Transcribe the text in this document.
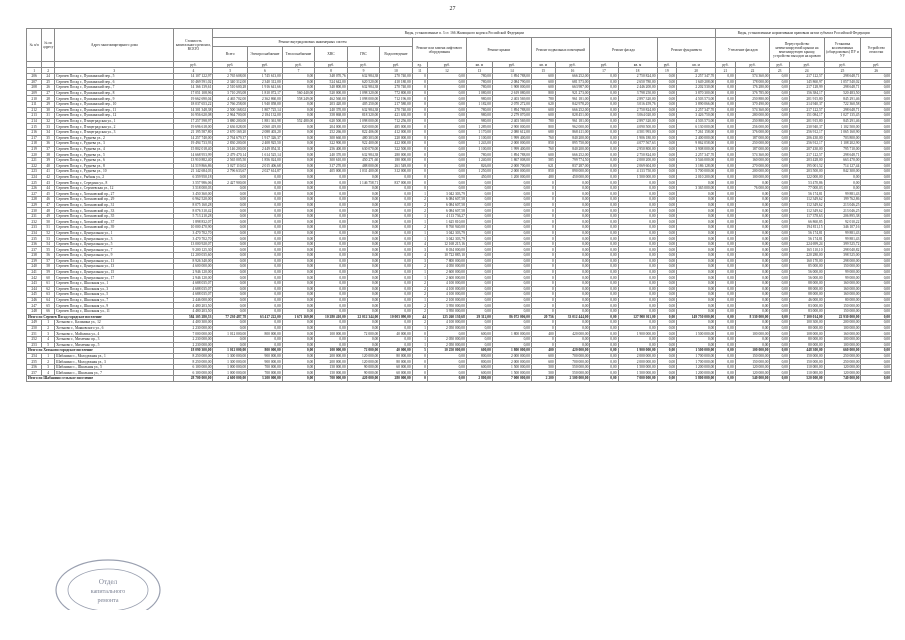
27
№ п/п	№ по адресу	Адрес многоквартирного дома	Стоимость капитального ремонта, ВСЕГО	Виды, установленные п. 3 ст. 166 Жилищного кодекса Российской Федерации																Виды, установленные нормативным правовым актом субъекта Российской Федерации					
				Ремонт внутридомовых инженерных систем						Ремонт или замена лифтового оборудования		Ремонт крыши		Ремонт подвальных помещений		Ремонт фасада		Ремонт фундамента		Утепление фасадов		Переустройство невентилируемой крыши на вентилируемую крышу, устройство выходов на кровлю		Установка коллективных (общедомовых) ПУ и УУ	Устройство отмостки
				Всего	Электроснабжение	Теплоснабжение	ХВС	ГВС	Водоотведение																
			руб.	руб.	руб.	руб.	руб.	руб.	руб.	ед.	руб.	кв. м	руб.	кв. м	руб.	руб.	кв. м	руб.	кв. м	руб.	руб.	руб.	руб.	руб.	руб.
1	2	3	4	5	6	7	8	9	10	11	12	13	14	15	16	17	18	19	20	21	22	23	24	25	26
206	24	Сергиев Посад г., Пушкинский пер., 5	14 107 122,97	2 765 608,00	1 745 613,00	0,00	348 070,76	632 984,38	270 740,00	0	0,00	780,00	1 894 788,00	600	666 252,00	0,00	2 750 824,00	0,00	2 257 347,70	0,00	574 360,00	0,00	217 122,57	298 648,71	0,00
207	25	Сергиев Посад г., Пушкинский пер., 6	10 469 591,02	2 340 312,00	2 340 312,00	0,00	524 642,00	620 520,00	410 180,00	0	0,00	780,00	2 084 790,00	600	681 573,00	0,00	2 650 780,00	0,00	1 649 208,00	0,00	178 000,00	0,00	145 860,97	1 057 540,02	0,00
208	26	Сергиев Посад г., Пушкинский пер., 7	14 166 139,61	2 510 600,28	1 916 641,66	0,00	340 800,00	632 984,38	270 740,00	0	0,00	780,00	1 908 000,00	600	663 987,00	0,00	2 446 200,00	0,00	2 202 530,00	0,00	176 280,00	0,00	217 128,99	298 648,71	0,00
209	27	Сергиев Посад г., Пушкинский пер., 8	17 051 108,96	3 710 293,08	1 810 072,17	560 440,00	520 000,00	1 098 320,00	772 800,00	0	0,00	1 080,00	2 619 080,00	800	921 273,00	0,00	3 798 250,00	0,00	3 870 300,00	0,00	376 785,00	0,00	156 384,17	520 483,50	0,00
210	28	Сергиев Посад г., Пушкинский пер., 9	19 662 690,04	4 465 702,00	2 362 860,00	558 249,00	462 560,00	1 098 000,00	712 196,00	0	0,00	980,00	2 403 569,00	780	961 181,00	0,00	2 897 320,00	0,00	4 503 573,00	0,00	250 880,00	0,00	201 915,80	845 291,46	0,00
211	29	Сергиев Посад г., Пушкинский пер., 10	18 037 653,22	2 766 258,00	1 940 058,00	0,00	203 420,00	405 250,00	217 580,00	0	0,00	1 182,00	2 070 272,00	620	842 978,20	0,00	3 016 459,76	0,00	3 890 066,00	0,00	370 490,00	0,00	214 940,37	722 360,58	0,00
212	30	Сергиев Посад г., Пушкинский пер., 11	14 301 348,38	2 500 168,02	1 807 725,14	0,00	240 370,00	632 984,38	270 740,00	0	0,00	780,00	1 894 788,00	600	666 252,00	0,00	2 750 824,00	0,00	2 257 347,70	0,00	574 360,00	0,00	217 122,57	298 648,71	0,00
213	31	Сергиев Посад г., Пушкинский пер., 12	16 956 620,08	2 964 700,00	2 184 132,00	0,00	358 868,00	818 320,00	421 630,00	0	0,00	980,00	2 279 070,00	600	828 451,00	0,00	3 064 020,00	0,00	3 426 750,00	0,00	280 000,00	0,00	151 084,17	1 027 135,45	0,00
214	32	Сергиев Посад г., Птицеградская ул., 1	17 257 598,97	3 880 200,00	1 881 361,98	552 480,00	620 500,00	1 098 000,00	712 256,00	0	0,00	980,00	2 403 569,00	780	961 181,00	0,00	2 897 320,00	0,00	4 503 573,00	0,00	250 880,00	0,00	201 915,80	845 291,46	0,00
215	33	Сергиев Посад г., Птицеградская ул., 2	19 696 618,00	2 636 028,00	2 060 419,00	0,00	204 000,00	820 000,00	485 000,00	0	0,00	1 289,00	2 900 000,00	800	962 000,00	0,00	4 090 500,00	0,00	6 130 000,00	0,00	256 000,00	0,00	230 940,37	1 102 500,00	0,00
216	34	Сергиев Посад г., Птицеградская ул., 3	21 195 587,80	2 670 169,20	2 088 403,20	0,00	252 266,00	822 406,00	412 000,00	0	0,00	1 170,00	2 080 612,00	680	868 411,00	0,00	4 501 993,00	0,00	7 261 158,00	0,00	376 000,00	0,00	256 912,17	1 065 160,90	0,00
217	35	Сергиев Посад г., Руднева ул., 2	14 257 740,00	2 764 679,37	1 917 326,37	0,00	300 660,00	480 303,00	220 000,00	0	0,00	1 100,00	1 999 400,00	760	840 200,00	0,00	1 906 180,00	0,00	2 400 000,00	0,00	187 000,00	0,00	206 430,00	703 800,00	0,00
218	36	Сергиев Посад г., Руднева ул., 3	19 494 733,93	2 830 200,00	2 408 925,50	0,00	322 900,00	922 400,00	422 000,00	0	0,00	1 243,00	2 000 000,00	850	895 750,00	0,00	4 077 567,63	0,00	9 862 058,00	0,00	250 000,00	0,00	256 912,17	1 108 202,90	0,00
219	37	Сергиев Посад г., Руднева ул., 4	15 802 018,40	3 146 200,00	2 449 054,31	0,00	256 400,00	630 070,00	322 500,00	0	0,00	1 100,00	1 999 400,00	760	840 200,00	0,00	2 950 800,00	0,00	3 908 000,00	0,00	187 000,00	0,00	207 430,00	795 710,00	0,00
220	38	Сергиев Посад г., Руднева ул., 5	14 668 953,99	2 479 470,14	1 614 525,14	0,00	240 370,00	632 984,38	280 000,00	0	0,00	780,00	1 894 788,00	600	666 252,00	0,00	2 750 824,00	0,00	2 257 347,70	0,00	574 360,00	0,00	217 122,57	298 648,71	0,00
221	39	Сергиев Посад г., Руднева ул., 6	13 910 882,40	2 565 005,50	1 856 024,00	0,00	300 610,00	450 271,60	180 000,00	0	0,00	1 240,00	1 867 008,00	585	799 774,50	0,00	2 000 200,00	0,00	3 546 000,00	0,00	160 000,00	0,00	203 428,00	663 470,00	0,00
222	40	Сергиев Посад г., Руднева ул., 8	14 519 866,86	3 027 110,02	2 015 406,68	0,00	317 270,00	488 000,00	261 549,00	0	0,00	826,00	2 000 700,00	621	837 287,00	0,00	2 069 604,00	0,00	3 186 128,00	0,00	270 000,00	0,00	195 001,52	714 127,44	0,00
223	41	Сергиев Посад г., Руднева ул., 10	21 142 684,03	2 796 633,67	2 027 614,87	0,00	405 000,00	1 031 400,00	312 000,00	0	0,00	1 250,00	2 000 000,00	850	890 000,00	0,00	4 133 750,00	0,00	5 700 000,00	0,00	200 000,00	0,00	203 500,00	842 300,00	0,00
224	42	Сергиев Посад г., Рыбная ул., 2	6 359 950,18	0,00	0,00	0,00	0,00	0,00	0,00	0	0,00	450,00	1 200 000,00	480	450 000,00	0,00	1 500 000,00	0,00	2 010 200,00	0,00	100 000,00	0,00	122 000,00	0,00	0,00
225	43	Сергиев Посад г., Середина ул., 8	3 557 986,06	2 427 900,00	0,00	0,00	0,00	1 146 758,71	837 000,00	0	0,00	0,00	0,00	0	0,00	0,00	0,00	0,00	0,00	0,00	0,00	0,00	53 470,86	0,00	0,00
226	44	Сергиев Посад г., Сергиевская ул., 12	3 518 000,03	0,00	0,00	0,00	0,00	0,00	0,00	0	0,00	0,00	0,00	0	0,00	0,00	0,00	0,00	3 365 000,00	0,00	76 000,00	0,00	77 000,03	0,00	0,00
227	45	Сергиев Посад г., Хотьковский пр., 27	3 450 360,00	0,00	0,00	0,00	0,00	0,00	0,00	1	3 042 303,79	0,00	0,00	0	0,00	0,00	0,00	0,00	0,00	0,00	0,00	0,00	56 174,81	99 881,43	0,00
228	46	Сергиев Посад г., Хотьковский пр., 29	6 962 520,00	0,00	0,00	0,00	0,00	0,00	0,00	2	6 084 607,58	0,00	0,00	0	0,00	0,00	0,00	0,00	0,00	0,00	0,00	0,00	112 349,62	199 762,86	0,00
229	47	Сергиев Посад г., Хотьковский пр., 31	8 075 160,28	0,00	0,00	0,00	0,00	0,00	0,00	2	6 084 607,58	0,00	0,00	0	0,00	0,00	0,00	0,00	0,00	0,00	0,00	0,00	112 349,62	213 046,25	0,00
230	48	Сергиев Посад г., Хотьковский пр., 33	8 076 310,42	0,00	0,00	0,00	0,00	0,00	0,00	2	6 084 607,58	0,00	0,00	0	0,00	0,00	0,00	0,00	0,00	0,00	0,00	0,00	112 349,62	213 046,25	0,00
231	49	Сергиев Посад г., Хотьковский пр., 35	5 713 210,28	0,00	0,00	0,00	0,00	0,00	0,00	1	4 113 736,27	0,00	0,00	0	0,00	0,00	0,00	0,00	0,00	0,00	0,00	0,00	117 378,63	206 895,38	0,00
232	50	Сергиев Посад г., Хотьковский пр., 37	1 898 832,07	0,00	0,00	0,00	0,00	0,00	0,00	1	1 625 810,00	0,00	0,00	0	0,00	0,00	0,00	0,00	0,00	0,00	0,00	0,00	66 860,85	92 010,22	0,00
233	51	Сергиев Посад г., Хотьковский пр., 39	10 000 470,90	0,00	0,00	0,00	0,00	0,00	0,00	2	8 760 940,00	0,00	0,00	0	0,00	0,00	0,00	0,00	0,00	0,00	0,00	0,00	194 811,15	346 107,16	0,00
234	52	Сергиев Посад г., Центральная ул., 1	3 470 702,70	0,00	0,00	0,00	0,00	0,00	0,00	1	3 042 303,79	0,00	0,00	0	0,00	0,00	0,00	0,00	0,00	0,00	0,00	0,00	56 174,81	99 881,43	0,00
235	53	Сергиев Посад г., Центральная ул., 3	3 470 702,70	0,00	0,00	0,00	0,00	0,00	0,00	1	3 042 303,79	0,00	0,00	0	0,00	0,00	0,00	0,00	0,00	0,00	0,00	0,00	56 174,81	99 881,43	0,00
236	54	Сергиев Посад г., Центральная ул., 5	13 000 920,07	0,00	0,00	0,00	0,00	0,00	0,00	4	12 168 215,16	0,00	0,00	0	0,00	0,00	0,00	0,00	0,00	0,00	0,00	0,00	224 699,24	399 525,72	0,00
237	55	Сергиев Посад г., Центральная ул., 7	9 200 125,30	0,00	0,00	0,00	0,00	0,00	0,00	3	8 034 000,00	0,00	0,00	0	0,00	0,00	0,00	0,00	0,00	0,00	0,00	0,00	165 110,10	298 040,82	0,00
238	56	Сергиев Посад г., Центральная ул., 9	12 200 035,60	0,00	0,00	0,00	0,00	0,00	0,00	4	10 722 885,10	0,00	0,00	0	0,00	0,00	0,00	0,00	0,00	0,00	0,00	0,00	220 280,00	398 525,00	0,00
239	57	Сергиев Посад г., Центральная ул., 11	8 926 340,00	0,00	0,00	0,00	0,00	0,00	0,00	3	7 800 000,00	0,00	0,00	0	0,00	0,00	0,00	0,00	0,00	0,00	0,00	0,00	160 170,00	298 000,00	0,00
240	58	Сергиев Посад г., Центральная ул., 13	4 600 000,00	0,00	0,00	0,00	0,00	0,00	0,00	2	4 050 000,00	0,00	0,00	0	0,00	0,00	0,00	0,00	0,00	0,00	0,00	0,00	85 000,00	150 000,00	0,00
241	59	Сергиев Посад г., Центральная ул., 15	2 946 120,00	0,00	0,00	0,00	0,00	0,00	0,00	1	2 600 000,00	0,00	0,00	0	0,00	0,00	0,00	0,00	0,00	0,00	0,00	0,00	56 000,00	99 000,00	0,00
242	60	Сергиев Посад г., Центральная ул., 17	2 946 120,00	0,00	0,00	0,00	0,00	0,00	0,00	1	2 600 000,00	0,00	0,00	0	0,00	0,00	0,00	0,00	0,00	0,00	0,00	0,00	56 000,00	99 000,00	0,00
243	61	Сергиев Посад г., Школьная ул., 1	4 688 035,07	0,00	0,00	0,00	0,00	0,00	0,00	2	4 100 000,00	0,00	0,00	0	0,00	0,00	0,00	0,00	0,00	0,00	0,00	0,00	88 000,00	160 000,00	0,00
244	62	Сергиев Посад г., Школьная ул., 3	4 688 035,07	0,00	0,00	0,00	0,00	0,00	0,00	2	4 100 000,00	0,00	0,00	0	0,00	0,00	0,00	0,00	0,00	0,00	0,00	0,00	88 000,00	160 000,00	0,00
245	63	Сергиев Посад г., Школьная ул., 5	4 688 035,07	0,00	0,00	0,00	0,00	0,00	0,00	2	4 100 000,00	0,00	0,00	0	0,00	0,00	0,00	0,00	0,00	0,00	0,00	0,00	88 000,00	160 000,00	0,00
246	64	Сергиев Посад г., Школьная ул., 7	2 446 000,00	0,00	0,00	0,00	0,00	0,00	0,00	1	2 100 000,00	0,00	0,00	0	0,00	0,00	0,00	0,00	0,00	0,00	0,00	0,00	46 000,00	80 000,00	0,00
247	65	Сергиев Посад г., Школьная ул., 9	4 480 203,50	0,00	0,00	0,00	0,00	0,00	0,00	2	3 950 000,00	0,00	0,00	0	0,00	0,00	0,00	0,00	0,00	0,00	0,00	0,00	83 000,00	150 000,00	0,00
248	66	Сергиев Посад г., Школьная ул., 11	4 480 203,50	0,00	0,00	0,00	0,00	0,00	0,00	2	3 950 000,00	0,00	0,00	0	0,00	0,00	0,00	0,00	0,00	0,00	0,00	0,00	83 000,00	150 000,00	0,00
Итого по Сергиев Посад городское поселение			584 105 280,53	77 230 487,78	63 417 222,00	1 671 169,00	10 280 410,00	22 012 344,00	10 003 090,00	44	125 260 130,68	29 312,00	86 072 006,00	20 756	33 012 444,00	0,00	127 900 011,00	0,00	149 750 000,00	0,00	8 330 000,00	0,00	7 100 014,00	22 930 000,00	0,00
249	1	Хотьково г., Калинина ул., 12	4 400 300,00	0,00	0,00	0,00	0,00	0,00	0,00	2	4 100 000,00	0,00	0,00	0	0,00	0,00	0,00	0,00	0,00	0,00	0,00	0,00	100 300,00	200 000,00	0,00
250	2	Хотьково г., Маяковского ул., 6	2 230 000,00	0,00	0,00	0,00	0,00	0,00	0,00	1	2 050 000,00	0,00	0,00	0	0,00	0,00	0,00	0,00	0,00	0,00	0,00	0,00	80 000,00	100 000,00	0,00
251	3	Хотьково г., Майолика ул., 4	7 000 000,00	1 012 000,00	800 000,00	0,00	100 000,00	72 000,00	40 000,00	0	0,00	600,00	1 800 000,00	400	420 000,00	0,00	1 900 000,00	0,00	1 500 000,00	0,00	100 000,00	0,00	108 000,00	160 000,00	0,00
252	4	Хотьково г., Михеенко пр., 3	2 230 000,00	0,00	0,00	0,00	0,00	0,00	0,00	1	2 050 000,00	0,00	0,00	0	0,00	0,00	0,00	0,00	0,00	0,00	0,00	0,00	80 000,00	100 000,00	0,00
253	5	Хотьково г., Михеенко пр., 5	2 230 000,00	0,00	0,00	0,00	0,00	0,00	0,00	1	2 050 000,00	0,00	0,00	0	0,00	0,00	0,00	0,00	0,00	0,00	0,00	0,00	80 000,00	100 000,00	0,00
Итого по Хотьково городское поселение			18 090 300,00	1 012 000,00	800 000,00	0,00	100 000,00	72 000,00	40 000,00	5	10 250 000,00	600,00	1 800 000,00	400	420 000,00	0,00	1 900 000,00	0,00	1 500 000,00	0,00	100 000,00	0,00	448 300,00	660 000,00	0,00
254	1	Шабанино с., Молодежная ул., 1	8 250 000,00	1 300 000,00	900 000,00	0,00	200 000,00	120 000,00	80 000,00	0	0,00	800,00	2 000 000,00	600	700 000,00	0,00	2 000 000,00	0,00	1 700 000,00	0,00	150 000,00	0,00	150 000,00	250 000,00	0,00
255	2	Шабанино с., Молодежная ул., 3	8 250 000,00	1 300 000,00	900 000,00	0,00	200 000,00	120 000,00	80 000,00	0	0,00	800,00	2 000 000,00	600	700 000,00	0,00	2 000 000,00	0,00	1 700 000,00	0,00	150 000,00	0,00	150 000,00	250 000,00	0,00
256	3	Шабанино с., Школьная ул., 5	6 100 000,00	1 000 000,00	700 000,00	0,00	150 000,00	90 000,00	60 000,00	0	0,00	600,00	1 500 000,00	500	550 000,00	0,00	1 500 000,00	0,00	1 200 000,00	0,00	120 000,00	0,00	110 000,00	120 000,00	0,00
257	4	Шабанино с., Школьная ул., 7	6 100 000,00	1 000 000,00	700 000,00	0,00	150 000,00	90 000,00	60 000,00	0	0,00	600,00	1 500 000,00	500	550 000,00	0,00	1 500 000,00	0,00	1 200 000,00	0,00	120 000,00	0,00	110 000,00	120 000,00	0,00
Итого по Шабанино сельское поселение			28 700 000,00	4 600 000,00	3 200 000,00	0,00	700 000,00	420 000,00	280 000,00	0	0,00	2 800,00	7 000 000,00	2 200	2 500 000,00	0,00	7 000 000,00	0,00	5 800 000,00	0,00	540 000,00	0,00	520 000,00	740 000,00	0,00
Отдел
капитального
ремонта
